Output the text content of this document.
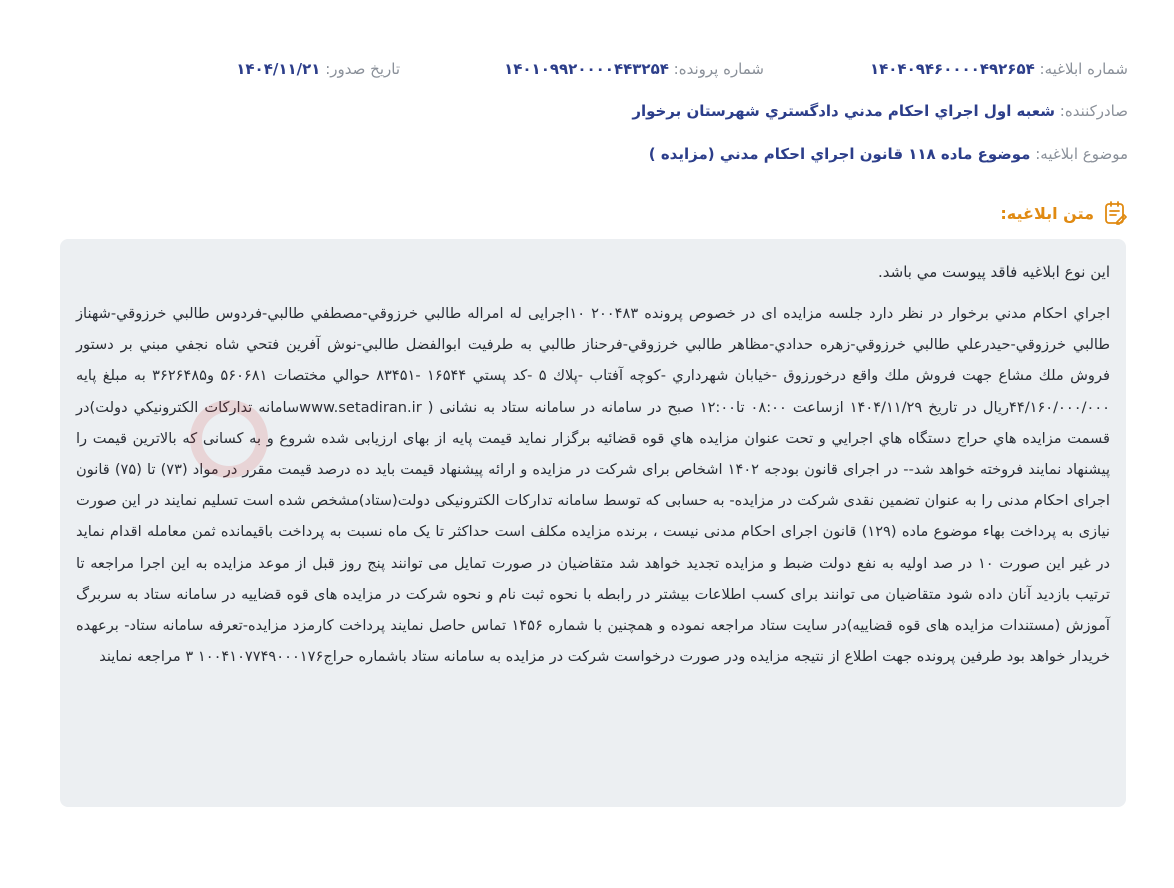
شماره ابلاغيه: ۱۴۰۴۰۹۴۶۰۰۰۰۴۹۲۶۵۴
شماره پرونده: ۱۴۰۱۰۹۹۲۰۰۰۰۴۴۳۲۵۴
تاريخ صدور: ۱۴۰۴/۱۱/۲۱
صادرکننده: شعبه اول اجراي احكام مدني دادگستري شهرستان برخوار
موضوع ابلاغيه: موضوع ماده ۱۱۸ قانون اجراي احكام مدني (مزايده )
متن ابلاغيه:

اين نوع ابلاغيه فاقد پيوست مي باشد.

اجراي احكام مدني برخوار در نظر دارد جلسه مزايده ای در خصوص پرونده ۲۰۰۴۸۳ ۱۰اجرایی له امراله طالبي خرزوقي-مصطفي طالبي-فردوس طالبي خرزوقي-شهناز طالبي خرزوقي-حيدرعلي طالبي خرزوقي-زهره حدادي-مظاهر طالبي خرزوقي-فرحناز طالبي به طرفيت ابوالفضل طالبي-نوش آفرين فتحي شاه نجفي مبني بر دستور فروش ملك مشاع جهت فروش ملك واقع درخورزوق -خيابان شهرداري -كوچه آفتاب -پلاك ۵ -كد پستي ۱۶۵۴۴ -۸۳۴۵۱ حوالي مختصات ۵۶۰۶۸۱ و۳۶۲۶۴۸۵ به مبلغ پايه ۴۴/۱۶۰/۰۰۰/۰۰۰ريال در تاريخ ۱۴۰۴/۱۱/۲۹ ازساعت ۰۸:۰۰ تا۱۲:۰۰ صبح در سامانه در سامانه ستاد به نشانی ( www.setadiran.irسامانه تداركات الكترونيكي دولت)در قسمت مزايده هاي حراج دستگاه هاي اجرايي و تحت عنوان مزايده هاي قوه قضائيه برگزار نمايد قيمت پايه از بهای ارزيابی شده شروع و به كسانی كه بالاترين قيمت را پيشنهاد نمايند فروخته خواهد شد-- در اجرای قانون بودجه ۱۴۰۲ اشخاص برای شركت در مزايده و ارائه پيشنهاد قيمت بايد ده درصد قيمت مقرر در مواد (۷۳) تا (۷۵) قانون اجرای احكام مدنی را به عنوان تضمين نقدی شركت در مزايده- به حسابی كه توسط سامانه تداركات الكترونيكی دولت(ستاد)مشخص شده است تسليم نمايند در اين صورت نيازی به پرداخت بهاء موضوع ماده (۱۲۹) قانون اجرای احكام مدنی نيست ، برنده مزايده مكلف است حداكثر تا يک ماه نسبت به پرداخت باقيمانده ثمن معامله اقدام نمايد در غير اين صورت ۱۰ در صد اوليه به نفع دولت ضبط و مزايده تجديد خواهد شد متقاضيان در صورت تمايل می توانند پنج روز قبل از موعد مزايده به اين اجرا مراجعه تا ترتيب بازديد آنان داده شود متقاضيان می توانند برای كسب اطلاعات بيشتر در رابطه با نحوه ثبت نام و نحوه شركت در مزايده های قوه قضاييه در سامانه ستاد به سربرگ آموزش (مستندات مزايده های قوه قضاييه)در سايت ستاد مراجعه نموده و همچنين با شماره ۱۴۵۶ تماس حاصل نمايند پرداخت كارمزد مزايده-تعرفه سامانه ستاد- برعهده خريدار خواهد بود طرفين پرونده جهت اطلاع از نتيجه مزايده ودر صورت درخواست شركت در مزايده به سامانه ستاد باشماره حراج۱۰۰۴۱۰۷۷۴۹۰۰۰۱۷۶ ۳ مراجعه نمايند
